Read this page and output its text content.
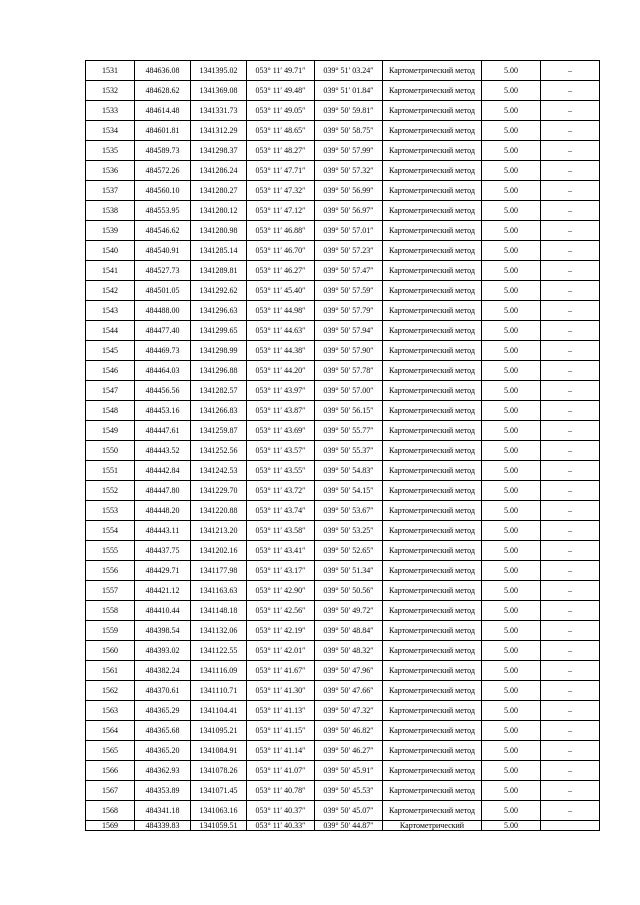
1531	484636.08	1341395.02	053° 11′ 49.71″	039° 51′ 03.24″	Картометрический метод	5.00	–
1532	484628.62	1341369.08	053° 11′ 49.48″	039° 51′ 01.84″	Картометрический метод	5.00	–
1533	484614.48	1341331.73	053° 11′ 49.05″	039° 50′ 59.81″	Картометрический метод	5.00	–
1534	484601.81	1341312.29	053° 11′ 48.65″	039° 50′ 58.75″	Картометрический метод	5.00	–
1535	484589.73	1341298.37	053° 11′ 48.27″	039° 50′ 57.99″	Картометрический метод	5.00	–
1536	484572.26	1341286.24	053° 11′ 47.71″	039° 50′ 57.32″	Картометрический метод	5.00	–
1537	484560.10	1341280.27	053° 11′ 47.32″	039° 50′ 56.99″	Картометрический метод	5.00	–
1538	484553.95	1341280.12	053° 11′ 47.12″	039° 50′ 56.97″	Картометрический метод	5.00	–
1539	484546.62	1341280.98	053° 11′ 46.88″	039° 50′ 57.01″	Картометрический метод	5.00	–
1540	484540.91	1341285.14	053° 11′ 46.70″	039° 50′ 57.23″	Картометрический метод	5.00	–
1541	484527.73	1341289.81	053° 11′ 46.27″	039° 50′ 57.47″	Картометрический метод	5.00	–
1542	484501.05	1341292.62	053° 11′ 45.40″	039° 50′ 57.59″	Картометрический метод	5.00	–
1543	484488.00	1341296.63	053° 11′ 44.98″	039° 50′ 57.79″	Картометрический метод	5.00	–
1544	484477.40	1341299.65	053° 11′ 44.63″	039° 50′ 57.94″	Картометрический метод	5.00	–
1545	484469.73	1341298.99	053° 11′ 44.38″	039° 50′ 57.90″	Картометрический метод	5.00	–
1546	484464.03	1341296.88	053° 11′ 44.20″	039° 50′ 57.78″	Картометрический метод	5.00	–
1547	484456.56	1341282.57	053° 11′ 43.97″	039° 50′ 57.00″	Картометрический метод	5.00	–
1548	484453.16	1341266.83	053° 11′ 43.87″	039° 50′ 56.15″	Картометрический метод	5.00	–
1549	484447.61	1341259.87	053° 11′ 43.69″	039° 50′ 55.77″	Картометрический метод	5.00	–
1550	484443.52	1341252.56	053° 11′ 43.57″	039° 50′ 55.37″	Картометрический метод	5.00	–
1551	484442.84	1341242.53	053° 11′ 43.55″	039° 50′ 54.83″	Картометрический метод	5.00	–
1552	484447.80	1341229.70	053° 11′ 43.72″	039° 50′ 54.15″	Картометрический метод	5.00	–
1553	484448.20	1341220.88	053° 11′ 43.74″	039° 50′ 53.67″	Картометрический метод	5.00	–
1554	484443.11	1341213.20	053° 11′ 43.58″	039° 50′ 53.25″	Картометрический метод	5.00	–
1555	484437.75	1341202.16	053° 11′ 43.41″	039° 50′ 52.65″	Картометрический метод	5.00	–
1556	484429.71	1341177.98	053° 11′ 43.17″	039° 50′ 51.34″	Картометрический метод	5.00	–
1557	484421.12	1341163.63	053° 11′ 42.90″	039° 50′ 50.56″	Картометрический метод	5.00	–
1558	484410.44	1341148.18	053° 11′ 42.56″	039° 50′ 49.72″	Картометрический метод	5.00	–
1559	484398.54	1341132.06	053° 11′ 42.19″	039° 50′ 48.84″	Картометрический метод	5.00	–
1560	484393.02	1341122.55	053° 11′ 42.01″	039° 50′ 48.32″	Картометрический метод	5.00	–
1561	484382.24	1341116.09	053° 11′ 41.67″	039° 50′ 47.96″	Картометрический метод	5.00	–
1562	484370.61	1341110.71	053° 11′ 41.30″	039° 50′ 47.66″	Картометрический метод	5.00	–
1563	484365.29	1341104.41	053° 11′ 41.13″	039° 50′ 47.32″	Картометрический метод	5.00	–
1564	484365.68	1341095.21	053° 11′ 41.15″	039° 50′ 46.82″	Картометрический метод	5.00	–
1565	484365.20	1341084.91	053° 11′ 41.14″	039° 50′ 46.27″	Картометрический метод	5.00	–
1566	484362.93	1341078.26	053° 11′ 41.07″	039° 50′ 45.91″	Картометрический метод	5.00	–
1567	484353.89	1341071.45	053° 11′ 40.78″	039° 50′ 45.53″	Картометрический метод	5.00	–
1568	484341.18	1341063.16	053° 11′ 40.37″	039° 50′ 45.07″	Картометрический метод	5.00	–
1569	484339.83	1341059.51	053° 11′ 40.33″	039° 50′ 44.87″	Картометрический	5.00	
